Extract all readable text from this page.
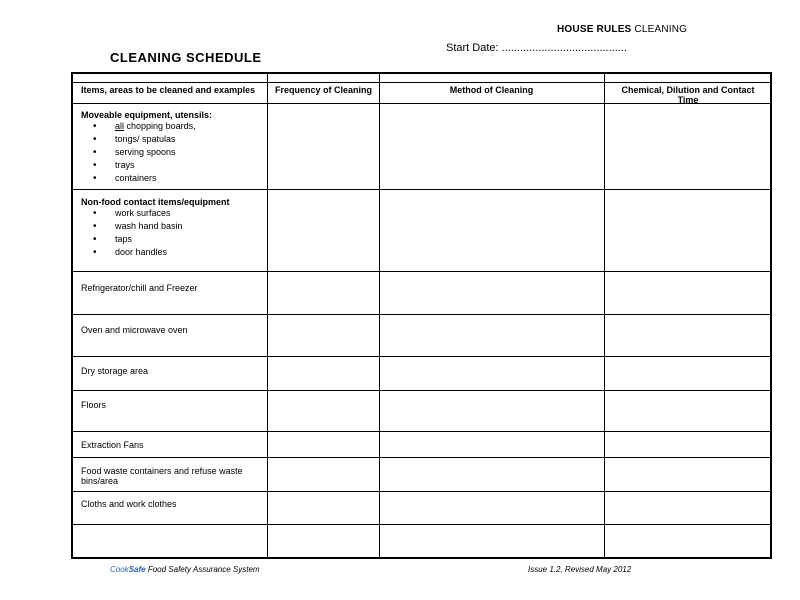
HOUSE RULES CLEANING
CLEANING SCHEDULE
Start Date: .........................................
Items, areas to be cleaned and examples	Frequency of Cleaning	Method of Cleaning	Chemical, Dilution and Contact Time
Moveable equipment, utensils:
• all chopping boards,
• tongs/ spatulas
• serving spoons
• trays
• containers
Non-food contact items/equipment
• work surfaces
• wash hand basin
• taps
• door handles
Refrigerator/chill and Freezer
Oven and microwave oven
Dry storage area
Floors
Extraction Fans
Food waste containers and refuse waste bins/area
Cloths and work clothes
CookSafe Food Safety Assurance System	Issue 1.2, Revised May 2012
